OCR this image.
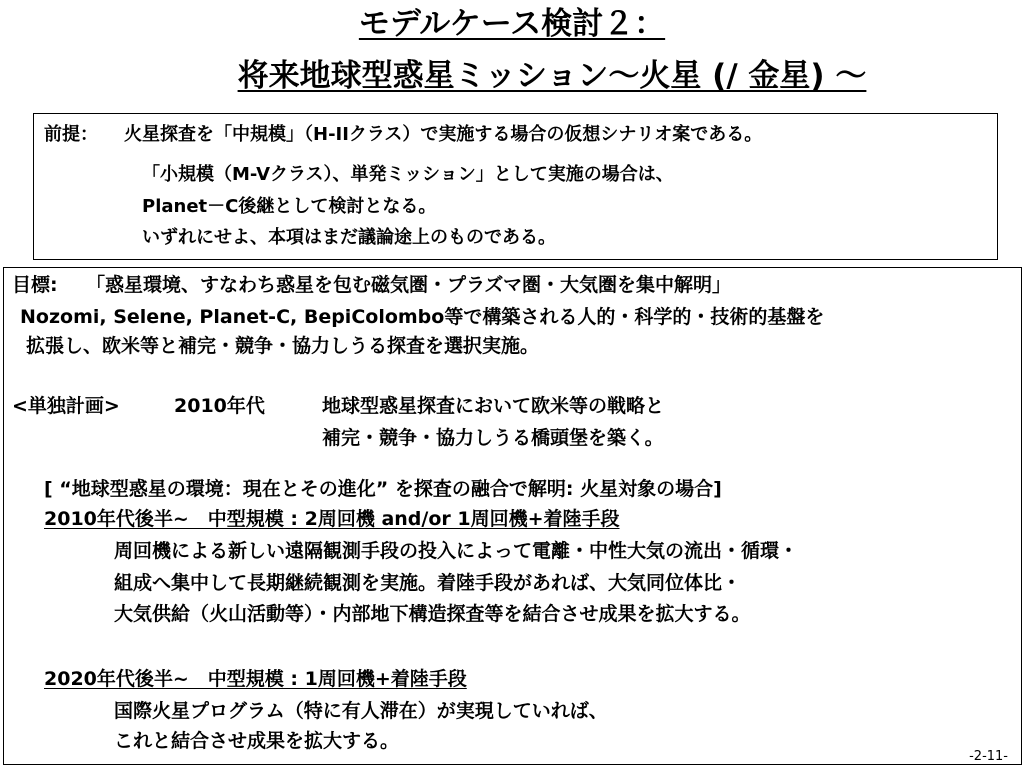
モデルケース検討２：
将来地球型惑星ミッション～火星 (/ 金星) ～
前提： 火星探査を「中規模」（H-IIクラス）で実施する場合の仮想シナリオ案である。
「小規模（M-Vクラス）、単発ミッション」として実施の場合は、
Planet－C後継として検討となる。
いずれにせよ、本項はまだ議論途上のものである。
目標: 「惑星環境、すなわち惑星を包む磁気圏・プラズマ圏・大気圏を集中解明」
Nozomi, Selene, Planet-C, BepiColombo等で構築される人的・科学的・技術的基盤を
拡張し、欧米等と補完・競争・協力しうる探査を選択実施。
<単独計画>	2010年代	地球型惑星探査において欧米等の戦略と
補完・競争・協力しうる橋頭堡を築く。
[ “地球型惑星の環境：現在とその進化” を探査の融合で解明: 火星対象の場合]
2010年代後半~　中型規模 : 2周回機 and/or 1周回機+着陸手段
周回機による新しい遠隔観測手段の投入によって電離・中性大気の流出・循環・
組成へ集中して長期継続観測を実施。着陸手段があれば、大気同位体比・
大気供給（火山活動等）・内部地下構造探査等を結合させ成果を拡大する。
2020年代後半~　中型規模 : 1周回機+着陸手段
国際火星プログラム（特に有人滞在）が実現していれば、
これと結合させ成果を拡大する。
-2-11-
